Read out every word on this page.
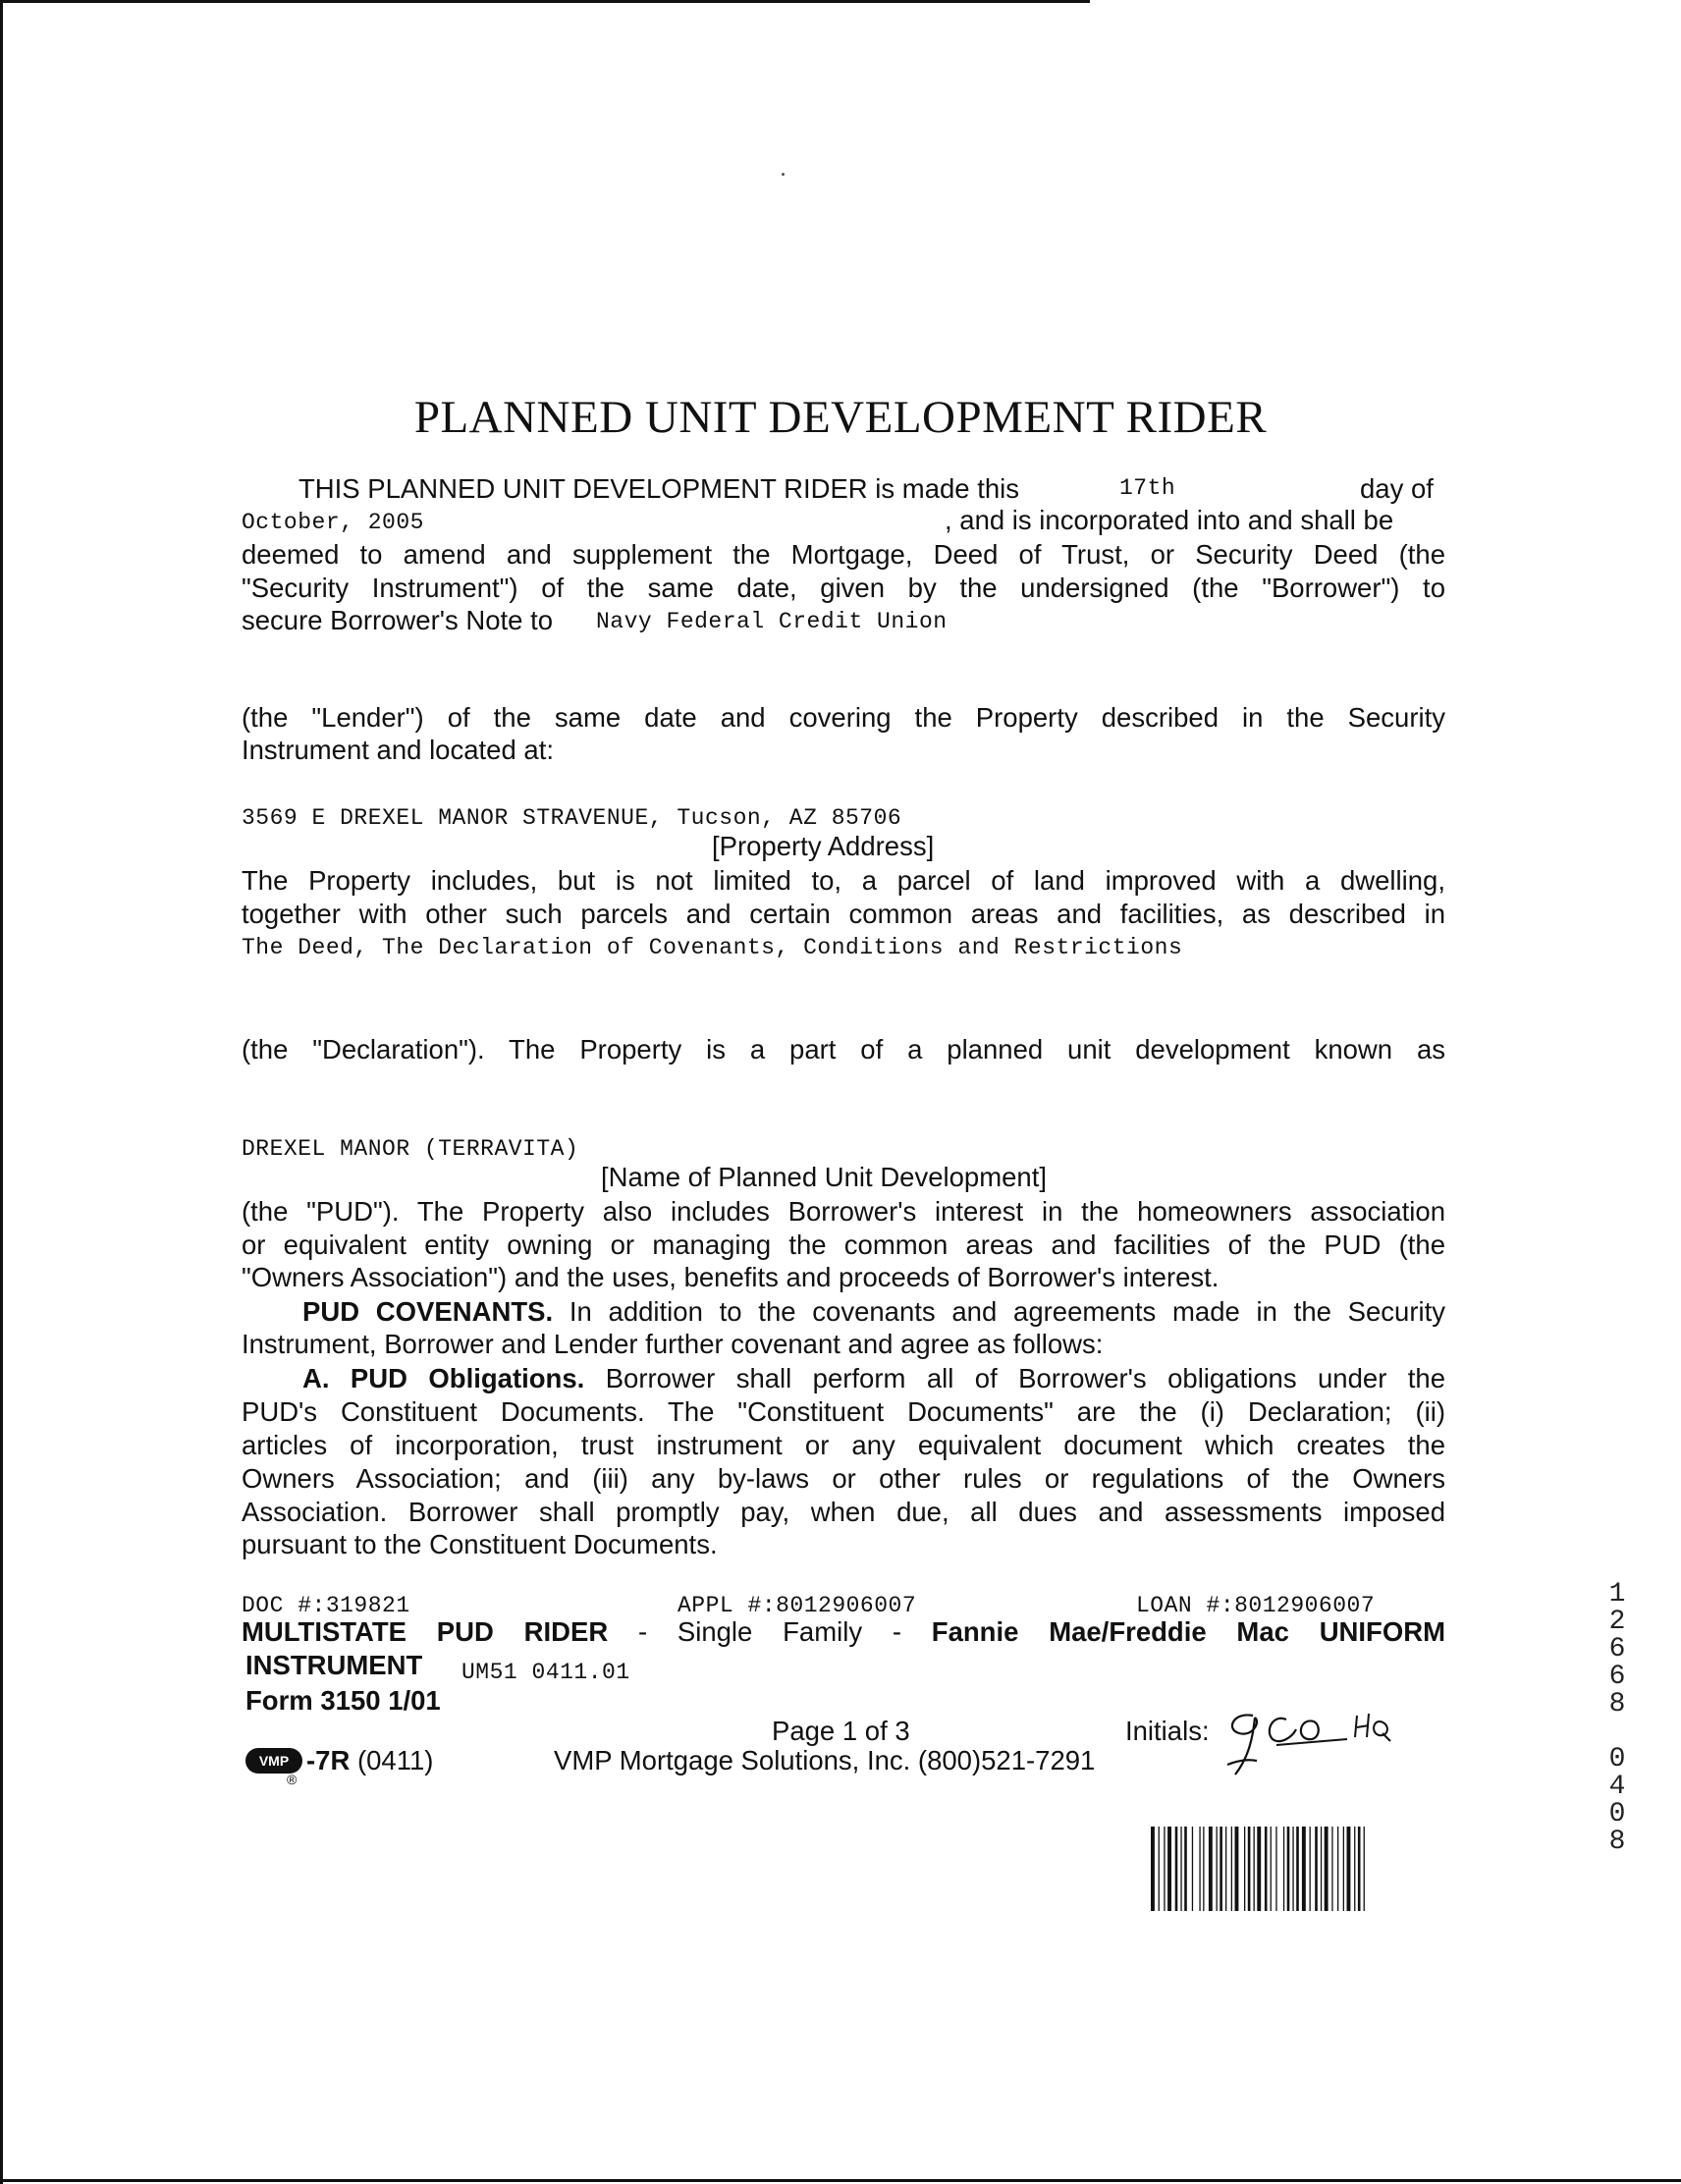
PLANNED UNIT DEVELOPMENT RIDER
THIS PLANNED UNIT DEVELOPMENT RIDER is made this	17th	day of
October, 2005	, and is incorporated into and shall be
deemed to amend and supplement the Mortgage, Deed of Trust, or Security Deed (the
"Security Instrument") of the same date, given by the undersigned (the "Borrower") to
secure Borrower's Note to Navy Federal Credit Union
(the "Lender") of the same date and covering the Property described in the Security
Instrument and located at:
3569 E DREXEL MANOR STRAVENUE, Tucson, AZ 85706
[Property Address]
The Property includes, but is not limited to, a parcel of land improved with a dwelling,
together with other such parcels and certain common areas and facilities, as described in
The Deed, The Declaration of Covenants, Conditions and Restrictions
(the "Declaration"). The Property is a part of a planned unit development known as
DREXEL MANOR (TERRAVITA)
[Name of Planned Unit Development]
(the "PUD"). The Property also includes Borrower's interest in the homeowners association
or equivalent entity owning or managing the common areas and facilities of the PUD (the
"Owners Association") and the uses, benefits and proceeds of Borrower's interest.
PUD COVENANTS. In addition to the covenants and agreements made in the Security
Instrument, Borrower and Lender further covenant and agree as follows:
A. PUD Obligations. Borrower shall perform all of Borrower's obligations under the
PUD's Constituent Documents. The "Constituent Documents" are the (i) Declaration; (ii)
articles of incorporation, trust instrument or any equivalent document which creates the
Owners Association; and (iii) any by-laws or other rules or regulations of the Owners
Association. Borrower shall promptly pay, when due, all dues and assessments imposed
pursuant to the Constituent Documents.
DOC #:319821	APPL #:8012906007	LOAN #:8012906007
MULTISTATE PUD RIDER - Single Family - Fannie Mae/Freddie Mac UNIFORM
INSTRUMENT UM51 0411.01
Form 3150 1/01
Page 1 of 3	Initials:
VMP
®
-7R (0411)	VMP Mortgage Solutions, Inc. (800)521-7291
1
2
6
6
8

0
4
0
8
